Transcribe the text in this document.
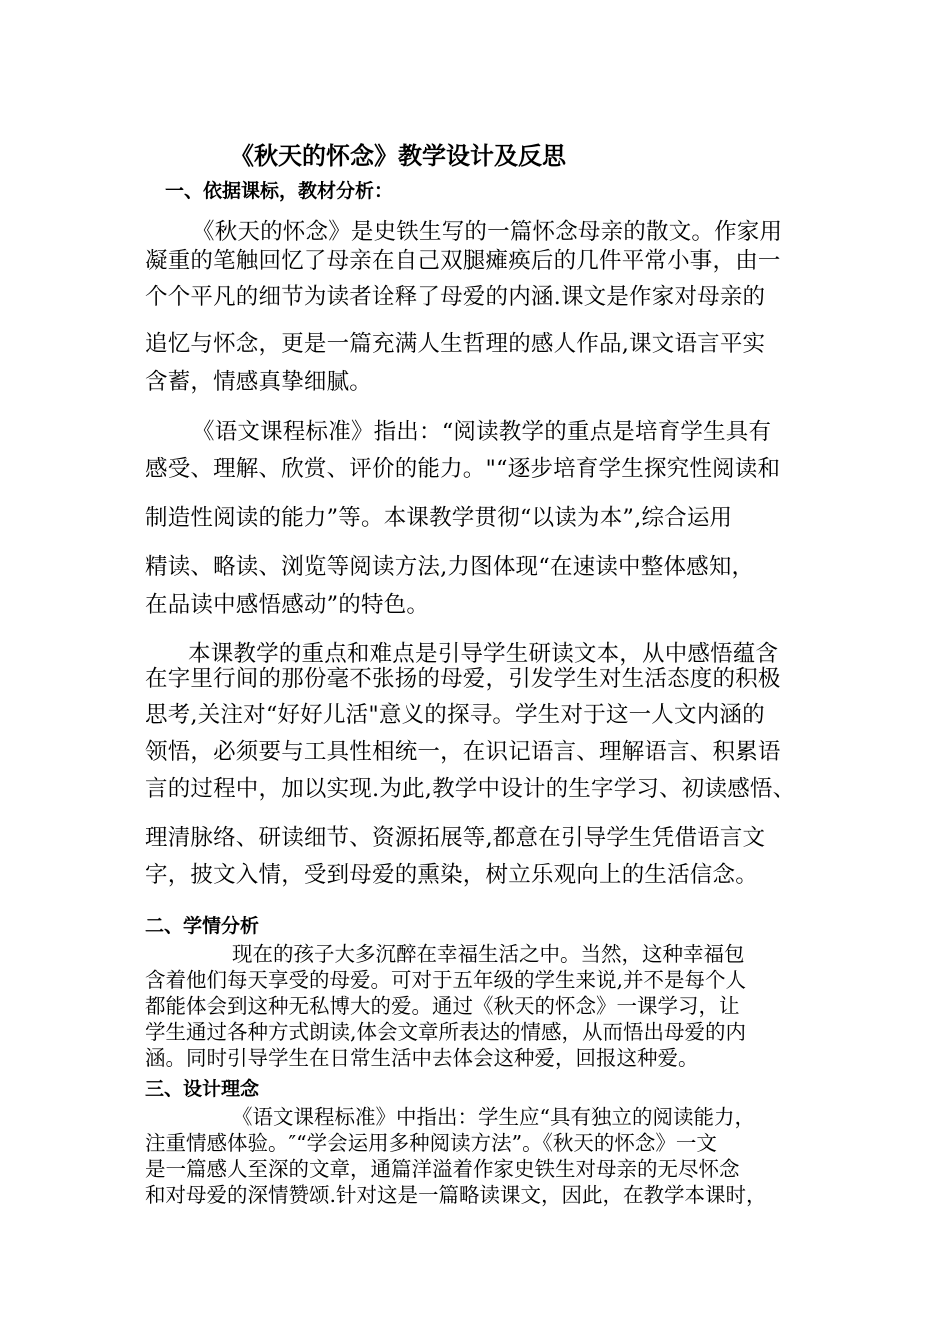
《秋天的怀念》教学设计及反思
一、依据课标，教材分析：
《秋天的怀念》是史铁生写的一篇怀念母亲的散文。作家用
凝重的笔触回忆了母亲在自己双腿瘫痪后的几件平常小事，由一
个个平凡的细节为读者诠释了母爱的内涵.课文是作家对母亲的
追忆与怀念，更是一篇充满人生哲理的感人作品,课文语言平实
含蓄，情感真挚细腻。
《语文课程标准》指出：“阅读教学的重点是培育学生具有
感受、理解、欣赏、评价的能力。"“逐步培育学生探究性阅读和
制造性阅读的能力”等。本课教学贯彻“以读为本”,综合运用
精读、略读、浏览等阅读方法,力图体现“在速读中整体感知，
在品读中感悟感动”的特色。
本课教学的重点和难点是引导学生研读文本，从中感悟蕴含
在字里行间的那份毫不张扬的母爱，引发学生对生活态度的积极
思考,关注对“好好儿活"意义的探寻。学生对于这一人文内涵的
领悟，必须要与工具性相统一，在识记语言、理解语言、积累语
言的过程中，加以实现.为此,教学中设计的生字学习、初读感悟、
理清脉络、研读细节、资源拓展等,都意在引导学生凭借语言文
字，披文入情，受到母爱的熏染，树立乐观向上的生活信念。
二、学情分析
现在的孩子大多沉醉在幸福生活之中。当然，这种幸福包
含着他们每天享受的母爱。可对于五年级的学生来说,并不是每个人
都能体会到这种无私博大的爱。通过《秋天的怀念》一课学习，让
学生通过各种方式朗读,体会文章所表达的情感，从而悟出母爱的内
涵。同时引导学生在日常生活中去体会这种爱，回报这种爱。
三、设计理念
《语文课程标准》中指出：学生应“具有独立的阅读能力，
注重情感体验。″“学会运用多种阅读方法”。《秋天的怀念》一文
是一篇感人至深的文章，通篇洋溢着作家史铁生对母亲的无尽怀念
和对母爱的深情赞颂.针对这是一篇略读课文，因此，在教学本课时，
